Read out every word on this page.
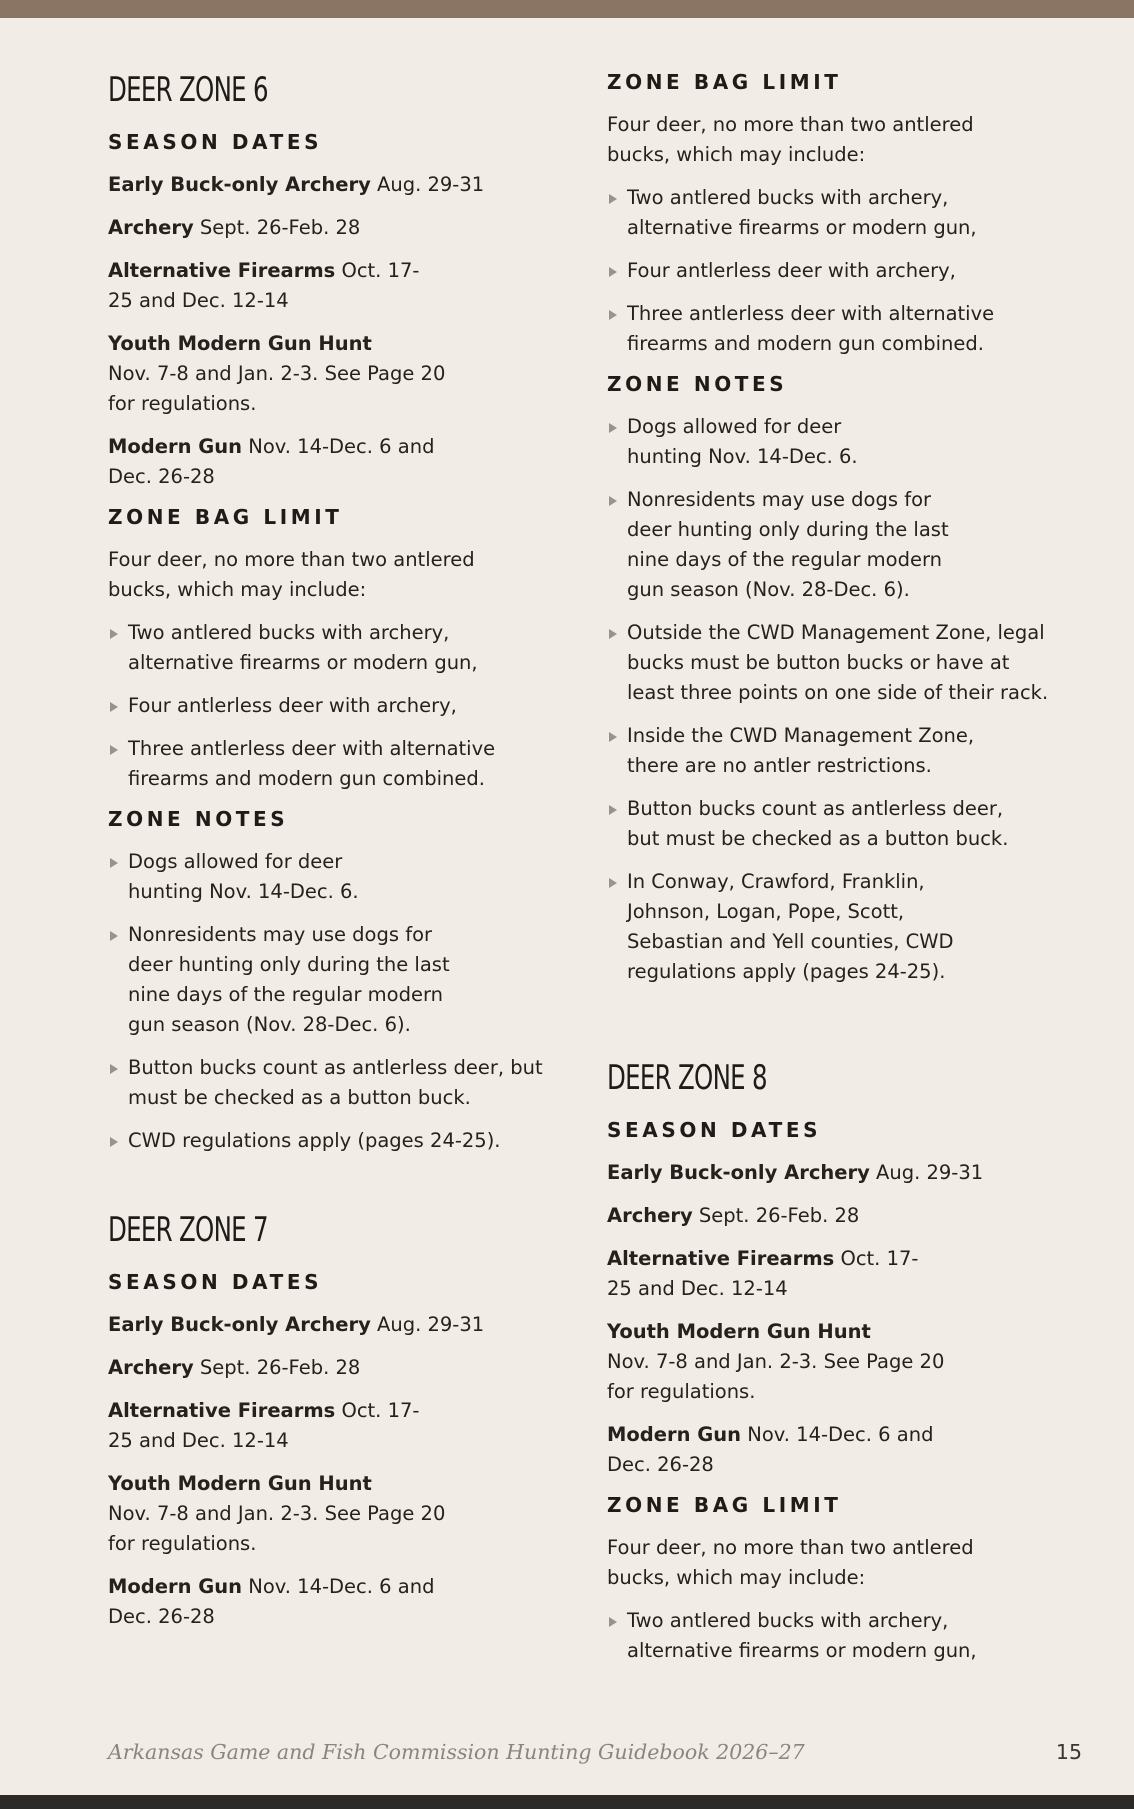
DEER ZONE 6
SEASON DATES

Early Buck-only Archery Aug. 29-31

Archery Sept. 26-Feb. 28

Alternative Firearms Oct. 17-
25 and Dec. 12-14

Youth Modern Gun Hunt
Nov. 7-8 and Jan. 2-3. See Page 20
for regulations.

Modern Gun Nov. 14-Dec. 6 and
Dec. 26-28

ZONE BAG LIMIT

Four deer, no more than two antlered bucks, which may include:

Two antlered bucks with archery, alternative firearms or modern gun,
Four antlerless deer with archery,
Three antlerless deer with alternative firearms and modern gun combined.
ZONE NOTES
Dogs allowed for deer
hunting Nov. 14-Dec. 6.
Nonresidents may use dogs for
deer hunting only during the last
nine days of the regular modern
gun season (Nov. 28-Dec. 6).
Button bucks count as antlerless deer, but must be checked as a button buck.
CWD regulations apply (pages 24-25).
DEER ZONE 7
SEASON DATES

Early Buck-only Archery Aug. 29-31

Archery Sept. 26-Feb. 28

Alternative Firearms Oct. 17-
25 and Dec. 12-14

Youth Modern Gun Hunt
Nov. 7-8 and Jan. 2-3. See Page 20
for regulations.

Modern Gun Nov. 14-Dec. 6 and
Dec. 26-28

ZONE BAG LIMIT

Four deer, no more than two antlered
bucks, which may include:

Two antlered bucks with archery,
alternative firearms or modern gun,
Four antlerless deer with archery,
Three antlerless deer with alternative
firearms and modern gun combined.
ZONE NOTES
Dogs allowed for deer
hunting Nov. 14-Dec. 6.
Nonresidents may use dogs for
deer hunting only during the last
nine days of the regular modern
gun season (Nov. 28-Dec. 6).
Outside the CWD Management Zone, legal
bucks must be button bucks or have at
least three points on one side of their rack.
Inside the CWD Management Zone,
there are no antler restrictions.
Button bucks count as antlerless deer,
but must be checked as a button buck.
In Conway, Crawford, Franklin,
Johnson, Logan, Pope, Scott,
Sebastian and Yell counties, CWD
regulations apply (pages 24-25).
DEER ZONE 8
SEASON DATES

Early Buck-only Archery Aug. 29-31

Archery Sept. 26-Feb. 28

Alternative Firearms Oct. 17-
25 and Dec. 12-14

Youth Modern Gun Hunt
Nov. 7-8 and Jan. 2-3. See Page 20
for regulations.

Modern Gun Nov. 14-Dec. 6 and
Dec. 26-28

ZONE BAG LIMIT

Four deer, no more than two antlered
bucks, which may include:

Two antlered bucks with archery,
alternative firearms or modern gun,
Arkansas Game and Fish Commission Hunting Guidebook 2026–27	15
